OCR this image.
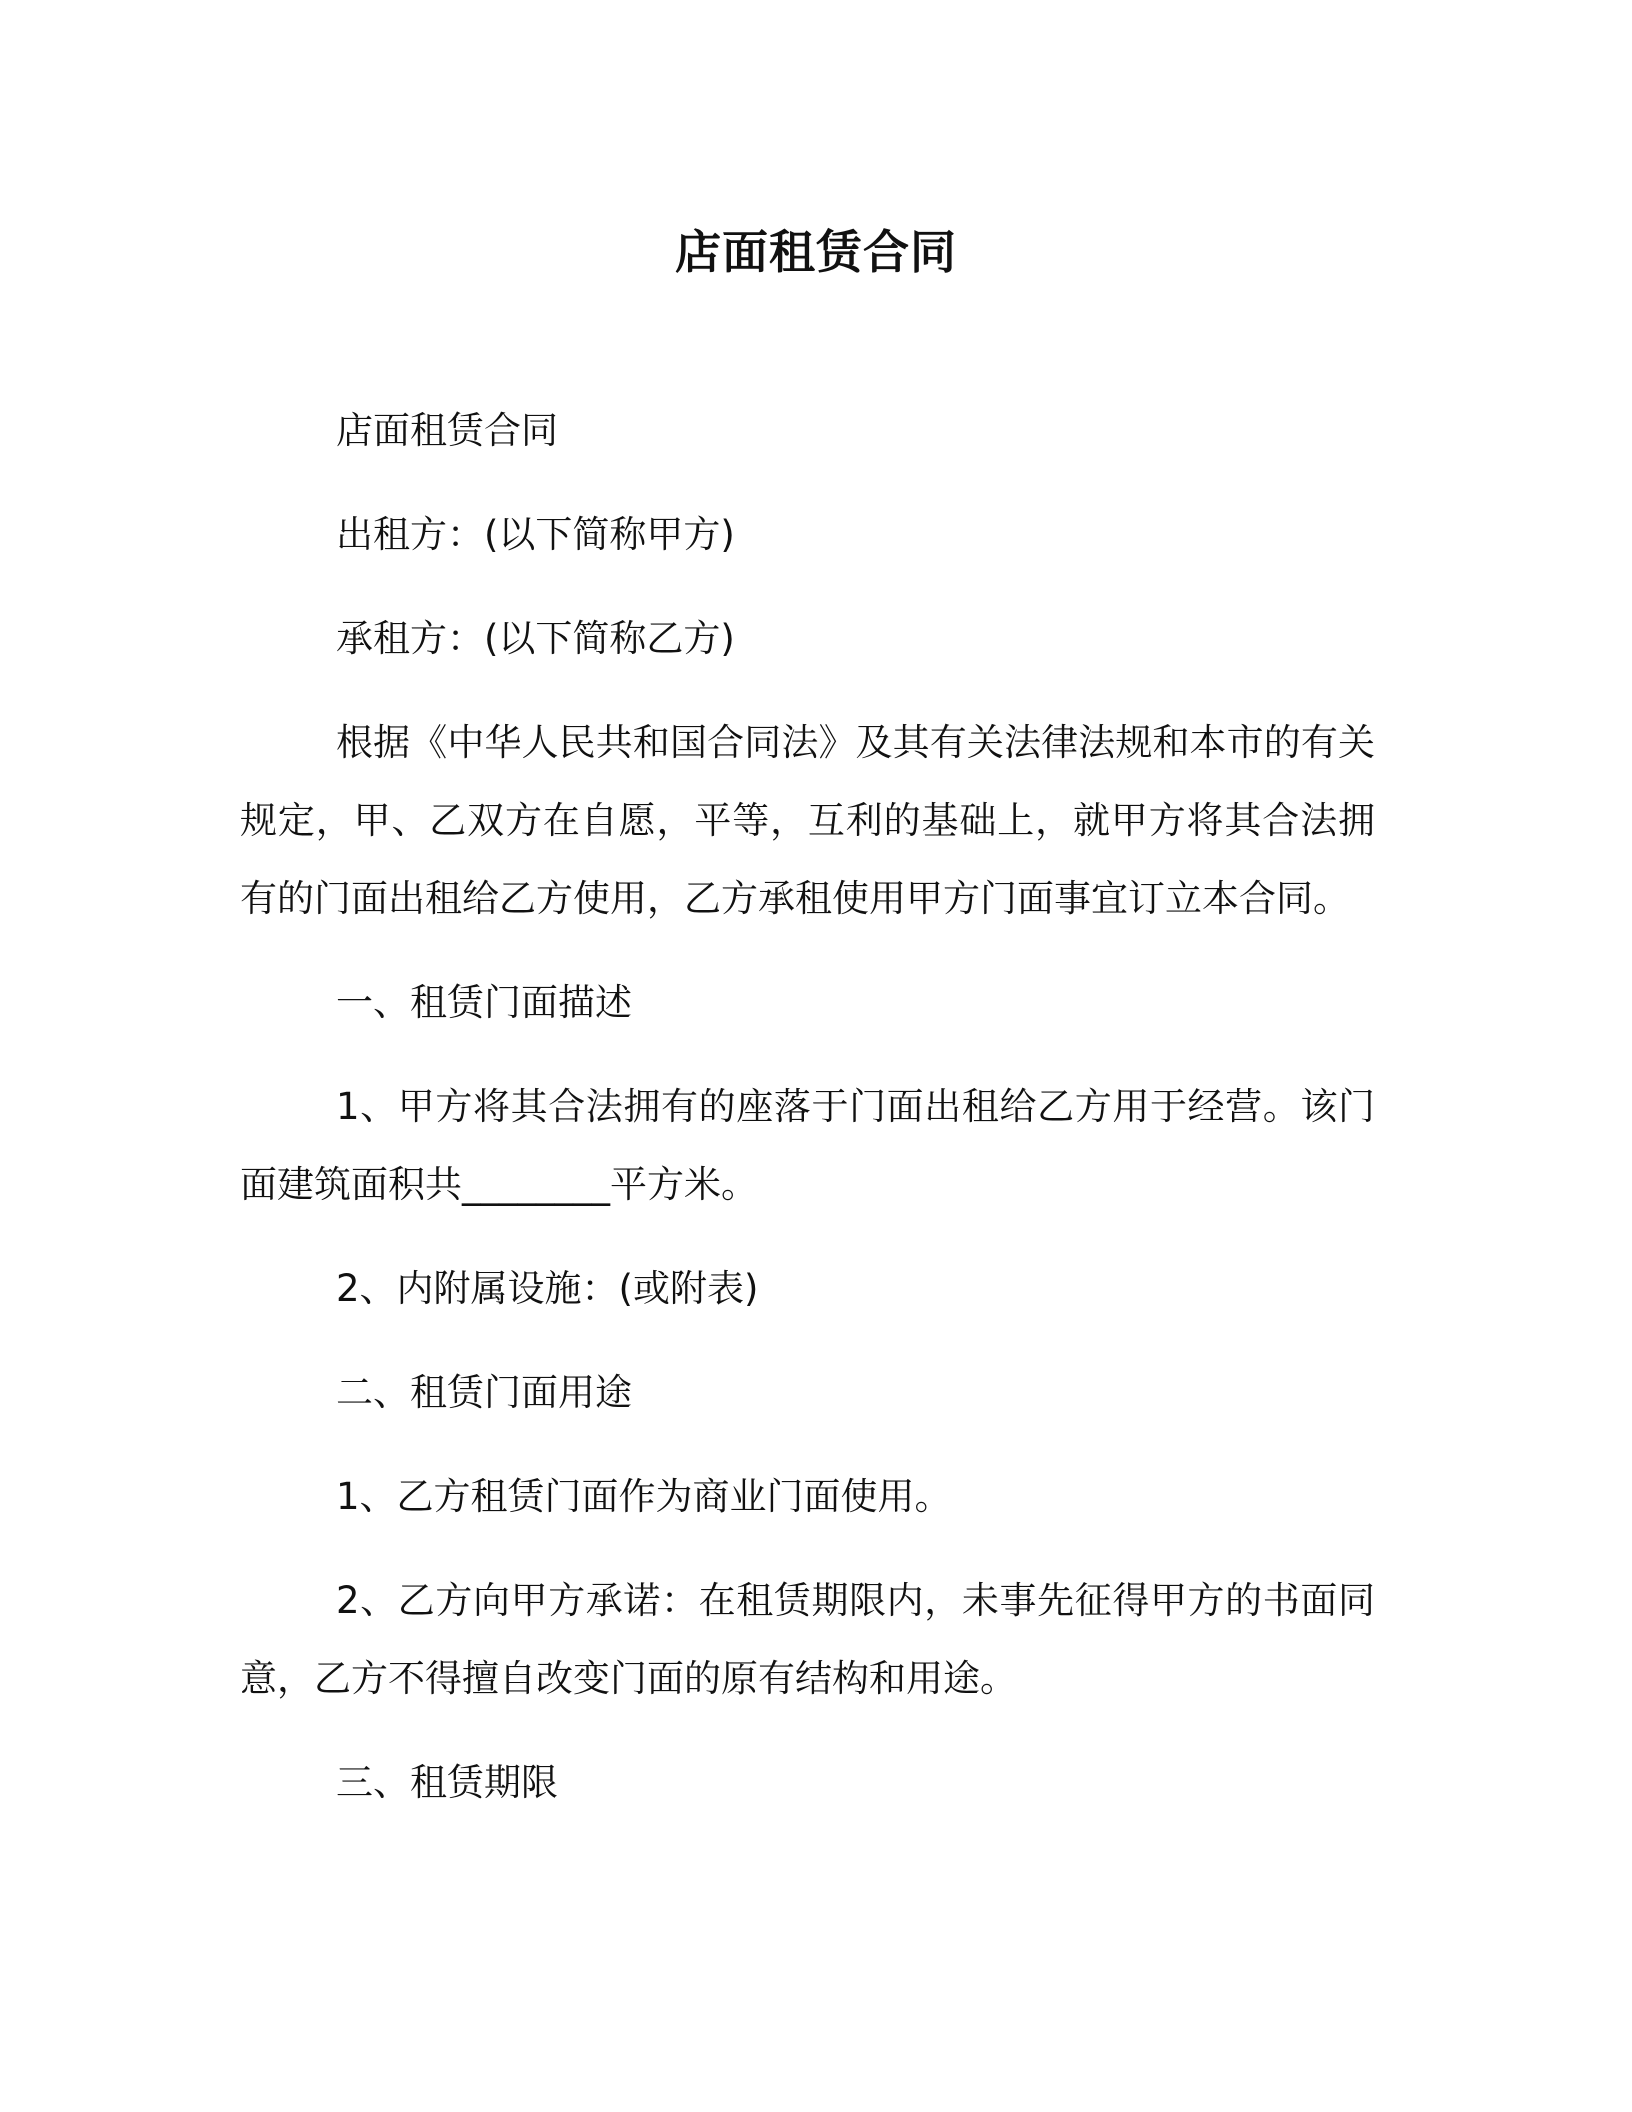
店面租赁合同

店面租赁合同

出租方：(以下简称甲方)

承租方：(以下简称乙方)

根据《中华人民共和国合同法》及其有关法律法规和本市的有关规定，甲、乙双方在自愿，平等，互利的基础上，就甲方将其合法拥有的门面出租给乙方使用，乙方承租使用甲方门面事宜订立本合同。

一、租赁门面描述

1、甲方将其合法拥有的座落于门面出租给乙方用于经营。该门面建筑面积共________平方米。

2、内附属设施：(或附表)

二、租赁门面用途

1、乙方租赁门面作为商业门面使用。

2、乙方向甲方承诺：在租赁期限内，未事先征得甲方的书面同意，乙方不得擅自改变门面的原有结构和用途。

三、租赁期限
